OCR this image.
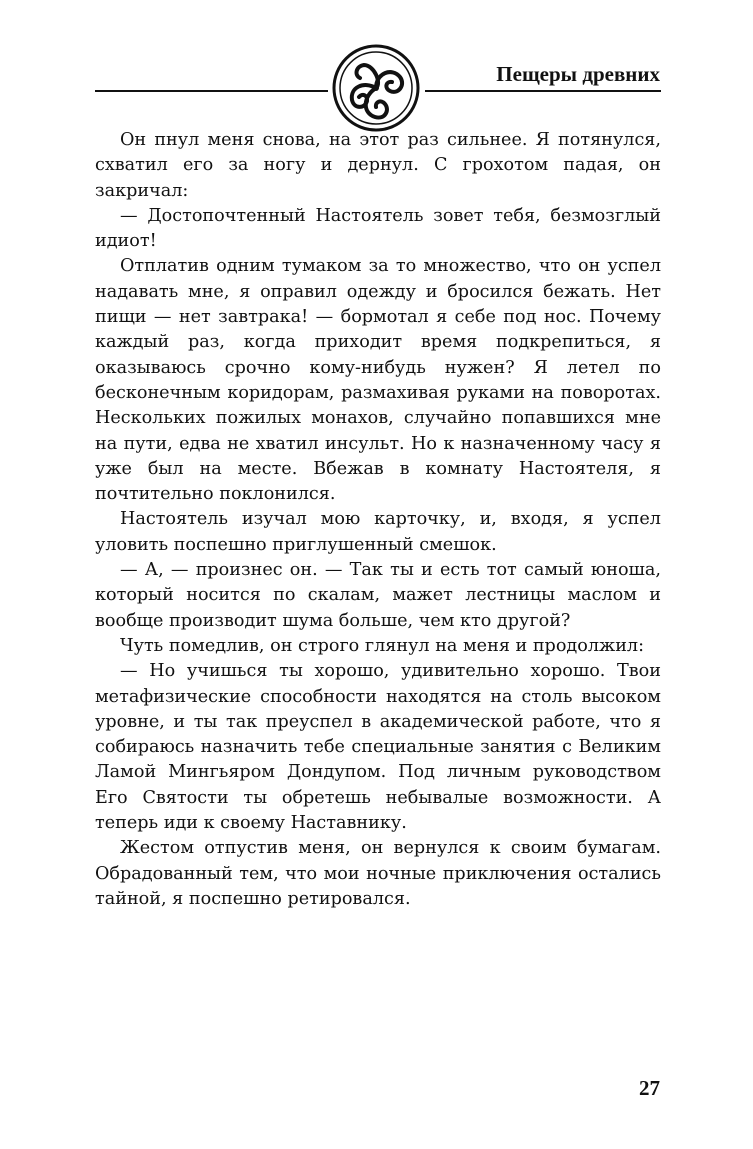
Пещеры древних

Он пнул меня снова, на этот раз сильнее. Я потянулся, схватил его за ногу и дернул. С грохотом падая, он закричал:

— Достопочтенный Настоятель зовет тебя, безмозглый идиот!

Отплатив одним тумаком за то множество, что он успел надавать мне, я оправил одежду и бросился бежать. Нет пищи — нет завтрака! — бормотал я себе под нос. Почему каждый раз, когда приходит время подкрепиться, я оказываюсь срочно кому-нибудь нужен? Я летел по бесконечным коридорам, размахивая руками на поворотах. Нескольких пожилых монахов, случайно попавшихся мне на пути, едва не хватил инсульт. Но к назначенному часу я уже был на месте. Вбежав в комнату Настоятеля, я почтительно поклонился.

Настоятель изучал мою карточку, и, входя, я успел уловить поспешно приглушенный смешок.

— А, — произнес он. — Так ты и есть тот самый юноша, который носится по скалам, мажет лестницы маслом и вообще производит шума больше, чем кто другой?

Чуть помедлив, он строго глянул на меня и продолжил:

— Но учишься ты хорошо, удивительно хорошо. Твои метафизические способности находятся на столь высоком уровне, и ты так преуспел в академической работе, что я собираюсь назначить тебе специальные занятия с Великим Ламой Мингьяром Дондупом. Под личным руководством Его Святости ты обретешь небывалые возможности. А теперь иди к своему Наставнику.

Жестом отпустив меня, он вернулся к своим бумагам. Обрадованный тем, что мои ночные приключения остались тайной, я поспешно ретировался.

27
